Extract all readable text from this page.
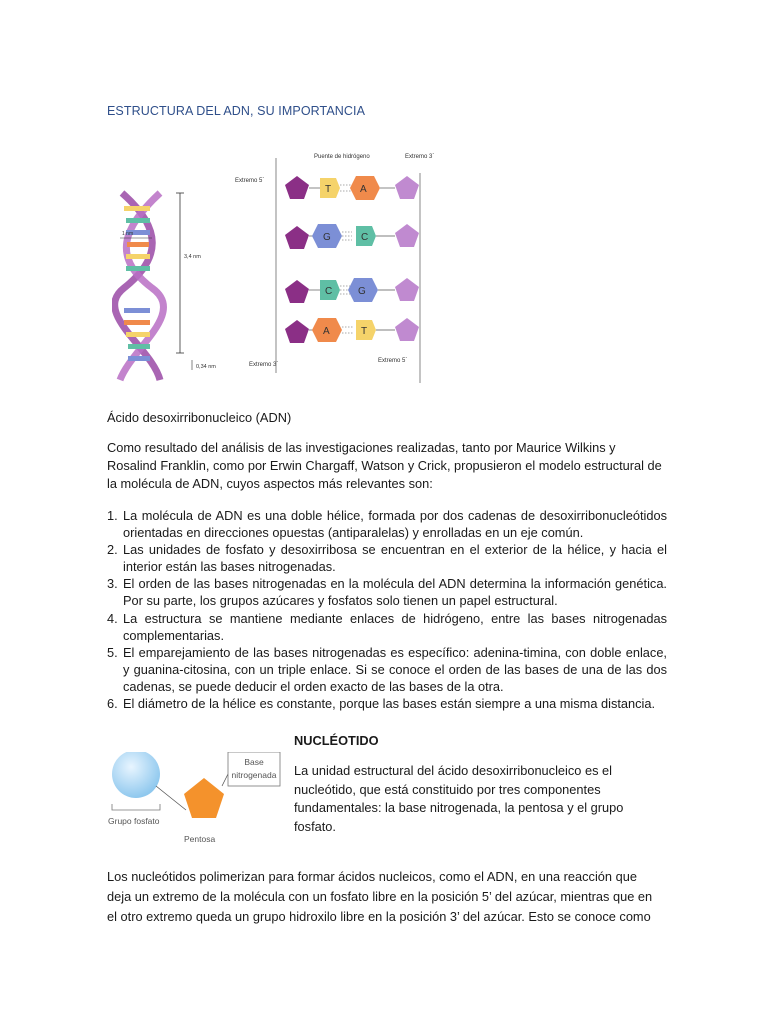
ESTRUCTURA DEL ADN, SU IMPORTANCIA
3,4 nm
1 nm
0,34 nm
Puente de hidrógeno
Extremo 5´
Extremo 3´
Extremo 3´
Extremo 5´
T	A
G	C
C	G
A	T
Ácido desoxirribonucleico (ADN)
Como resultado del análisis de las investigaciones realizadas, tanto por Maurice Wilkins y Rosalind Franklin, como por Erwin Chargaff, Watson y Crick, propusieron el modelo estructural de la molécula de ADN, cuyos aspectos más relevantes son:
1. La molécula de ADN es una doble hélice, formada por dos cadenas de desoxirribonucleótidos orientadas en direcciones opuestas (antiparalelas) y enrolladas en un eje común.
2. Las unidades de fosfato y desoxirribosa se encuentran en el exterior de la hélice, y hacia el interior están las bases nitrogenadas.
3. El orden de las bases nitrogenadas en la molécula del ADN determina la información genética. Por su parte, los grupos azúcares y fosfatos solo tienen un papel estructural.
4. La estructura se mantiene mediante enlaces de hidrógeno, entre las bases nitrogenadas complementarias.
5. El emparejamiento de las bases nitrogenadas es específico: adenina-timina, con doble enlace, y guanina-citosina, con un triple enlace. Si se conoce el orden de las bases de una de las dos cadenas, se puede deducir el orden exacto de las bases de la otra.
6. El diámetro de la hélice es constante, porque las bases están siempre a una misma distancia.
Base
nitrogenada
Grupo fosfato
Pentosa
NUCLÉOTIDO
La unidad estructural del ácido desoxirribonucleico es el nucleótido, que está constituido por tres componentes fundamentales: la base nitrogenada, la pentosa y el grupo fosfato.
Los nucleótidos polimerizan para formar ácidos nucleicos, como el ADN, en una reacción que deja un extremo de la molécula con un fosfato libre en la posición 5’ del azúcar, mientras que en el otro extremo queda un grupo hidroxilo libre en la posición 3’ del azúcar. Esto se conoce como
